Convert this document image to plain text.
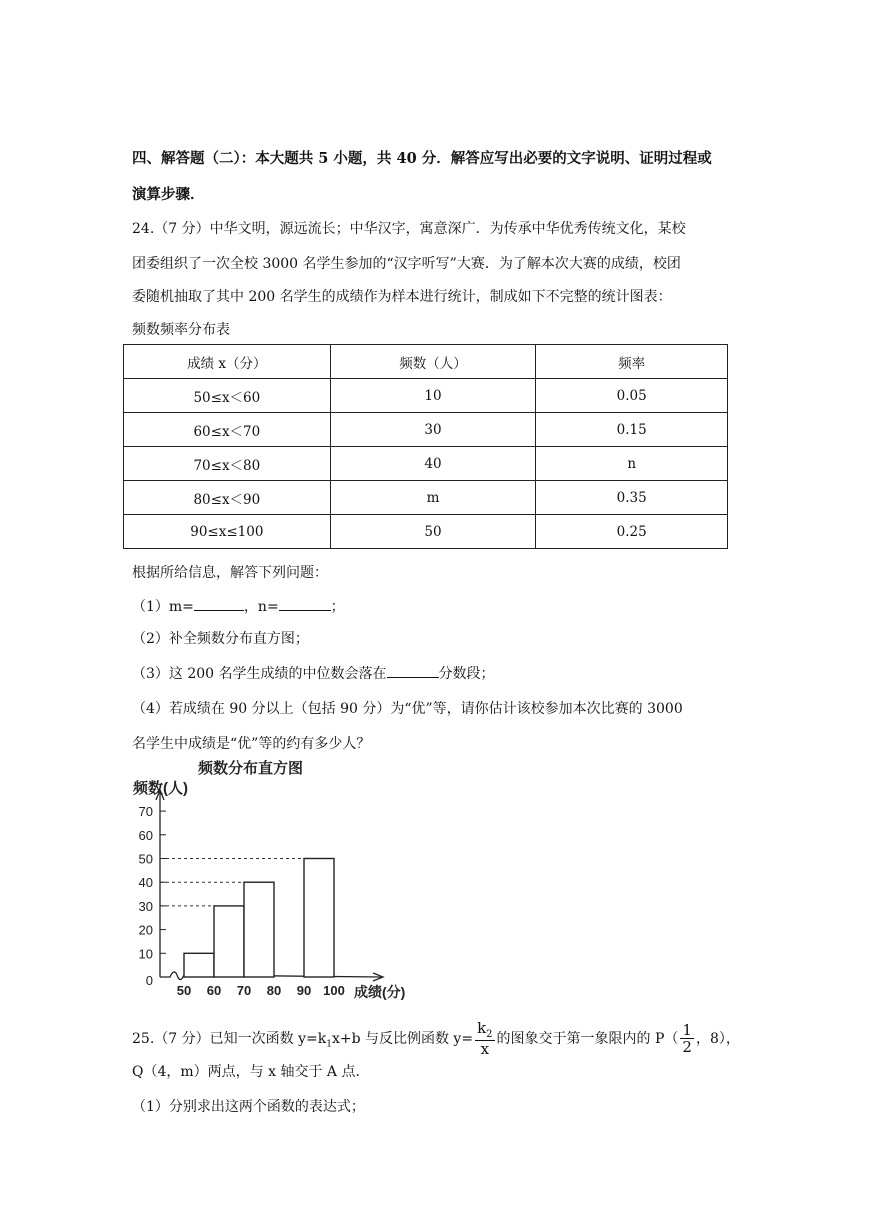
四、解答题（二）：本大题共 5 小题，共 40 分．解答应写出必要的文字说明、证明过程或
演算步骤．
24.（7 分）中华文明，源远流长；中华汉字，寓意深广．为传承中华优秀传统文化，某校
团委组织了一次全校 3000 名学生参加的“汉字听写”大赛．为了解本次大赛的成绩，校团
委随机抽取了其中 200 名学生的成绩作为样本进行统计，制成如下不完整的统计图表：
频数频率分布表
成绩 x（分）	频数（人）	频率
50≤x＜60	10	0.05
60≤x＜70	30	0.15
70≤x＜80	40	n
80≤x＜90	m	0.35
90≤x≤100	50	0.25
根据所给信息，解答下列问题：
（1）m=	，n=	；
（2）补全频数分布直方图；
（3）这 200 名学生成绩的中位数会落在	分数段；
（4）若成绩在 90 分以上（包括 90 分）为“优”等，请你估计该校参加本次比赛的 3000
名学生中成绩是“优”等的约有多少人？
频数分布直方图
频数(人)
成绩(分)
0
10
20
30
40
50
60
70
50 60 70 80 90 100
25.（7 分）已知一次函数 $y=k_1x+b$ 与反比例函数 $y= \frac{k_2}{x}$ 的图象交于第一象限内的 $P( \frac{1}{2}$ ，8），
Q（4，m）两点，与 x 轴交于 A 点．
（1）分别求出这两个函数的表达式；
